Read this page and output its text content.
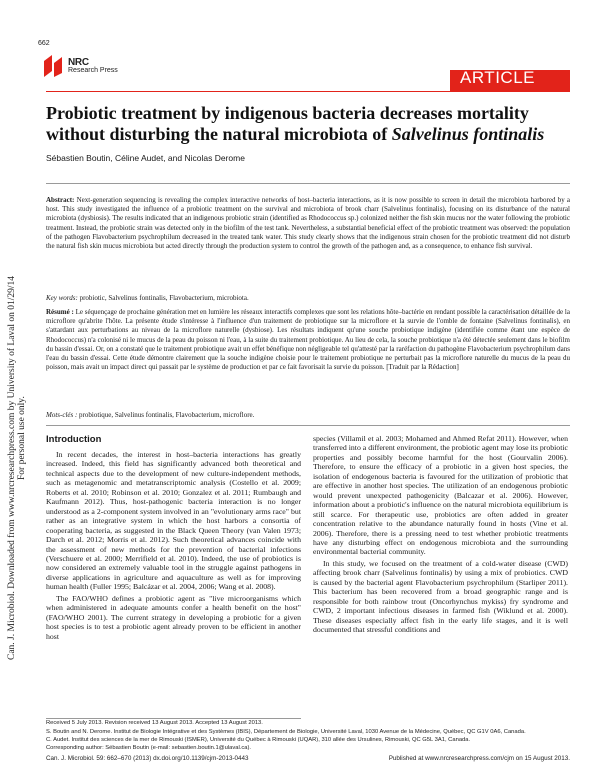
662
NRC
Research Press	ARTICLE
Probiotic treatment by indigenous bacteria decreases mortality
without disturbing the natural microbiota of Salvelinus fontinalis
Sébastien Boutin, Céline Audet, and Nicolas Derome
Abstract: Next-generation sequencing is revealing the complex interactive networks of host–bacteria interactions, as it is now possible to screen in detail the microbiota harbored by a host. This study investigated the influence of a probiotic treatment on the survival and microbiota of brook charr (Salvelinus fontinalis), focusing on its disturbance of the natural microbiota (dysbiosis). The results indicated that an indigenous probiotic strain (identified as Rhodococcus sp.) colonized neither the fish skin mucus nor the water following the probiotic treatment. Instead, the probiotic strain was detected only in the biofilm of the test tank. Nevertheless, a substantial beneficial effect of the probiotic treatment was observed: the population of the pathogen Flavobacterium psychrophilum decreased in the treated tank water. This study clearly shows that the indigenous strain chosen for the probiotic treatment did not disturb the natural fish skin mucus microbiota but acted directly through the production system to control the growth of the pathogen and, as a consequence, to enhance fish survival.
Key words: probiotic, Salvelinus fontinalis, Flavobacterium, microbiota.
Résumé : Le séquençage de prochaine génération met en lumière les réseaux interactifs complexes que sont les relations hôte–bactérie en rendant possible la caractérisation détaillée de la microflore qu'abrite l'hôte. La présente étude s'intéresse à l'influence d'un traitement de probiotique sur la microflore et la survie de l'omble de fontaine (Salvelinus fontinalis), en s'attardant aux perturbations au niveau de la microflore naturelle (dysbiose). Les résultats indiquent qu'une souche probiotique indigène (identifiée comme étant une espèce de Rhodococcus) n'a colonisé ni le mucus de la peau du poisson ni l'eau, à la suite du traitement probiotique. Au lieu de cela, la souche probiotique n'a été détectée seulement dans le biofilm du bassin d'essai. Or, on a constaté que le traitement probiotique avait un effet bénéfique non négligeable tel qu'attesté par la raréfaction du pathogène Flavobacterium psychrophilum dans l'eau du bassin d'essai. Cette étude démontre clairement que la souche indigène choisie pour le traitement probiotique ne perturbait pas la microflore naturelle du mucus de la peau du poisson, mais avait un impact direct qui passait par le système de production et par ce fait favorisait la survie du poisson. [Traduit par la Rédaction]
Mots-clés : probiotique, Salvelinus fontinalis, Flavobacterium, microflore.
Can. J. Microbiol. Downloaded from www.nrcresearchpress.com by University of Laval on 01/29/14 For personal use only. Introduction

In recent decades, the interest in host–bacteria interactions has greatly increased. Indeed, this field has significantly advanced both theoretical and technical aspects due to the development of new culture-independent methods, such as metagenomic and metatranscriptomic analysis (Costello et al. 2009; Roberts et al. 2010; Robinson et al. 2010; Gonzalez et al. 2011; Rumbaugh and Kaufmann 2012). Thus, host-pathogenic bacteria interaction is no longer understood as a 2-component system involved in an "evolutionary arms race" but rather as an integrative system in which the host harbors a consortia of cooperating bacteria, as suggested in the Black Queen Theory (van Valen 1973; Darch et al. 2012; Morris et al. 2012). Such theoretical advances coincide with the assessment of new methods for the prevention of bacterial infections (Verschuere et al. 2000; Merrifield et al. 2010). Indeed, the use of probiotics is now considered an extremely valuable tool in the struggle against pathogens in diverse applications in agriculture and aquaculture as well as for improving human health (Fuller 1995; Balcázar et al. 2004, 2006; Wang et al. 2008).

The FAO/WHO defines a probiotic agent as "live microorganisms which when administered in adequate amounts confer a health benefit on the host" (FAO/WHO 2001). The current strategy in developing a probiotic for a given host species is to test a probiotic agent already proven to be efficient in another host

species (Villamil et al. 2003; Mohamed and Ahmed Refat 2011). However, when transferred into a different environment, the probiotic agent may lose its probiotic properties and possibly become harmful for the host (Gourvalin 2006). Therefore, to ensure the efficacy of a probiotic in a given host species, the isolation of endogenous bacteria is favoured for the utilization of probiotic that are effective in another host species. The utilization of an endogenous probiotic would prevent unexpected pathogenicity (Balcazar et al. 2006). However, information about a probiotic's influence on the natural microbiota equilibrium is still scarce. For therapeutic use, probiotics are often added in greater concentration relative to the abundance naturally found in hosts (Vine et al. 2006). Therefore, there is a pressing need to test whether probiotic treatments have any disturbing effect on endogenous microbiota and the surrounding environmental bacterial community.

In this study, we focused on the treatment of a cold-water disease (CWD) affecting brook charr (Salvelinus fontinalis) by using a mix of probiotics. CWD is caused by the bacterial agent Flavobacterium psychrophilum (Starliper 2011). This bacterium has been recovered from a broad geographic range and is responsible for both rainbow trout (Oncorhynchus mykiss) fry syndrome and CWD, 2 important infectious diseases in farmed fish (Wiklund et al. 2000). These diseases especially affect fish in the early life stages, and it is well documented that stressful conditions and

Received 5 July 2013. Revision received 13 August 2013. Accepted 13 August 2013.
S. Boutin and N. Derome. Institut de Biologie Intégrative et des Systèmes (IBIS), Département de Biologie, Université Laval, 1030 Avenue de la Médecine, Québec, QC G1V 0A6, Canada.
C. Audet. Institut des sciences de la mer de Rimouski (ISMER), Université du Québec à Rimouski (UQAR), 310 allée des Ursulines, Rimouski, QC G5L 3A1, Canada.
Corresponding author: Sébastien Boutin (e-mail: sebastien.boutin.1@ulaval.ca).
Can. J. Microbiol. 59: 662–670 (2013) dx.doi.org/10.1139/cjm-2013-0443	Published at www.nrcresearchpress.com/cjm on 15 August 2013.
